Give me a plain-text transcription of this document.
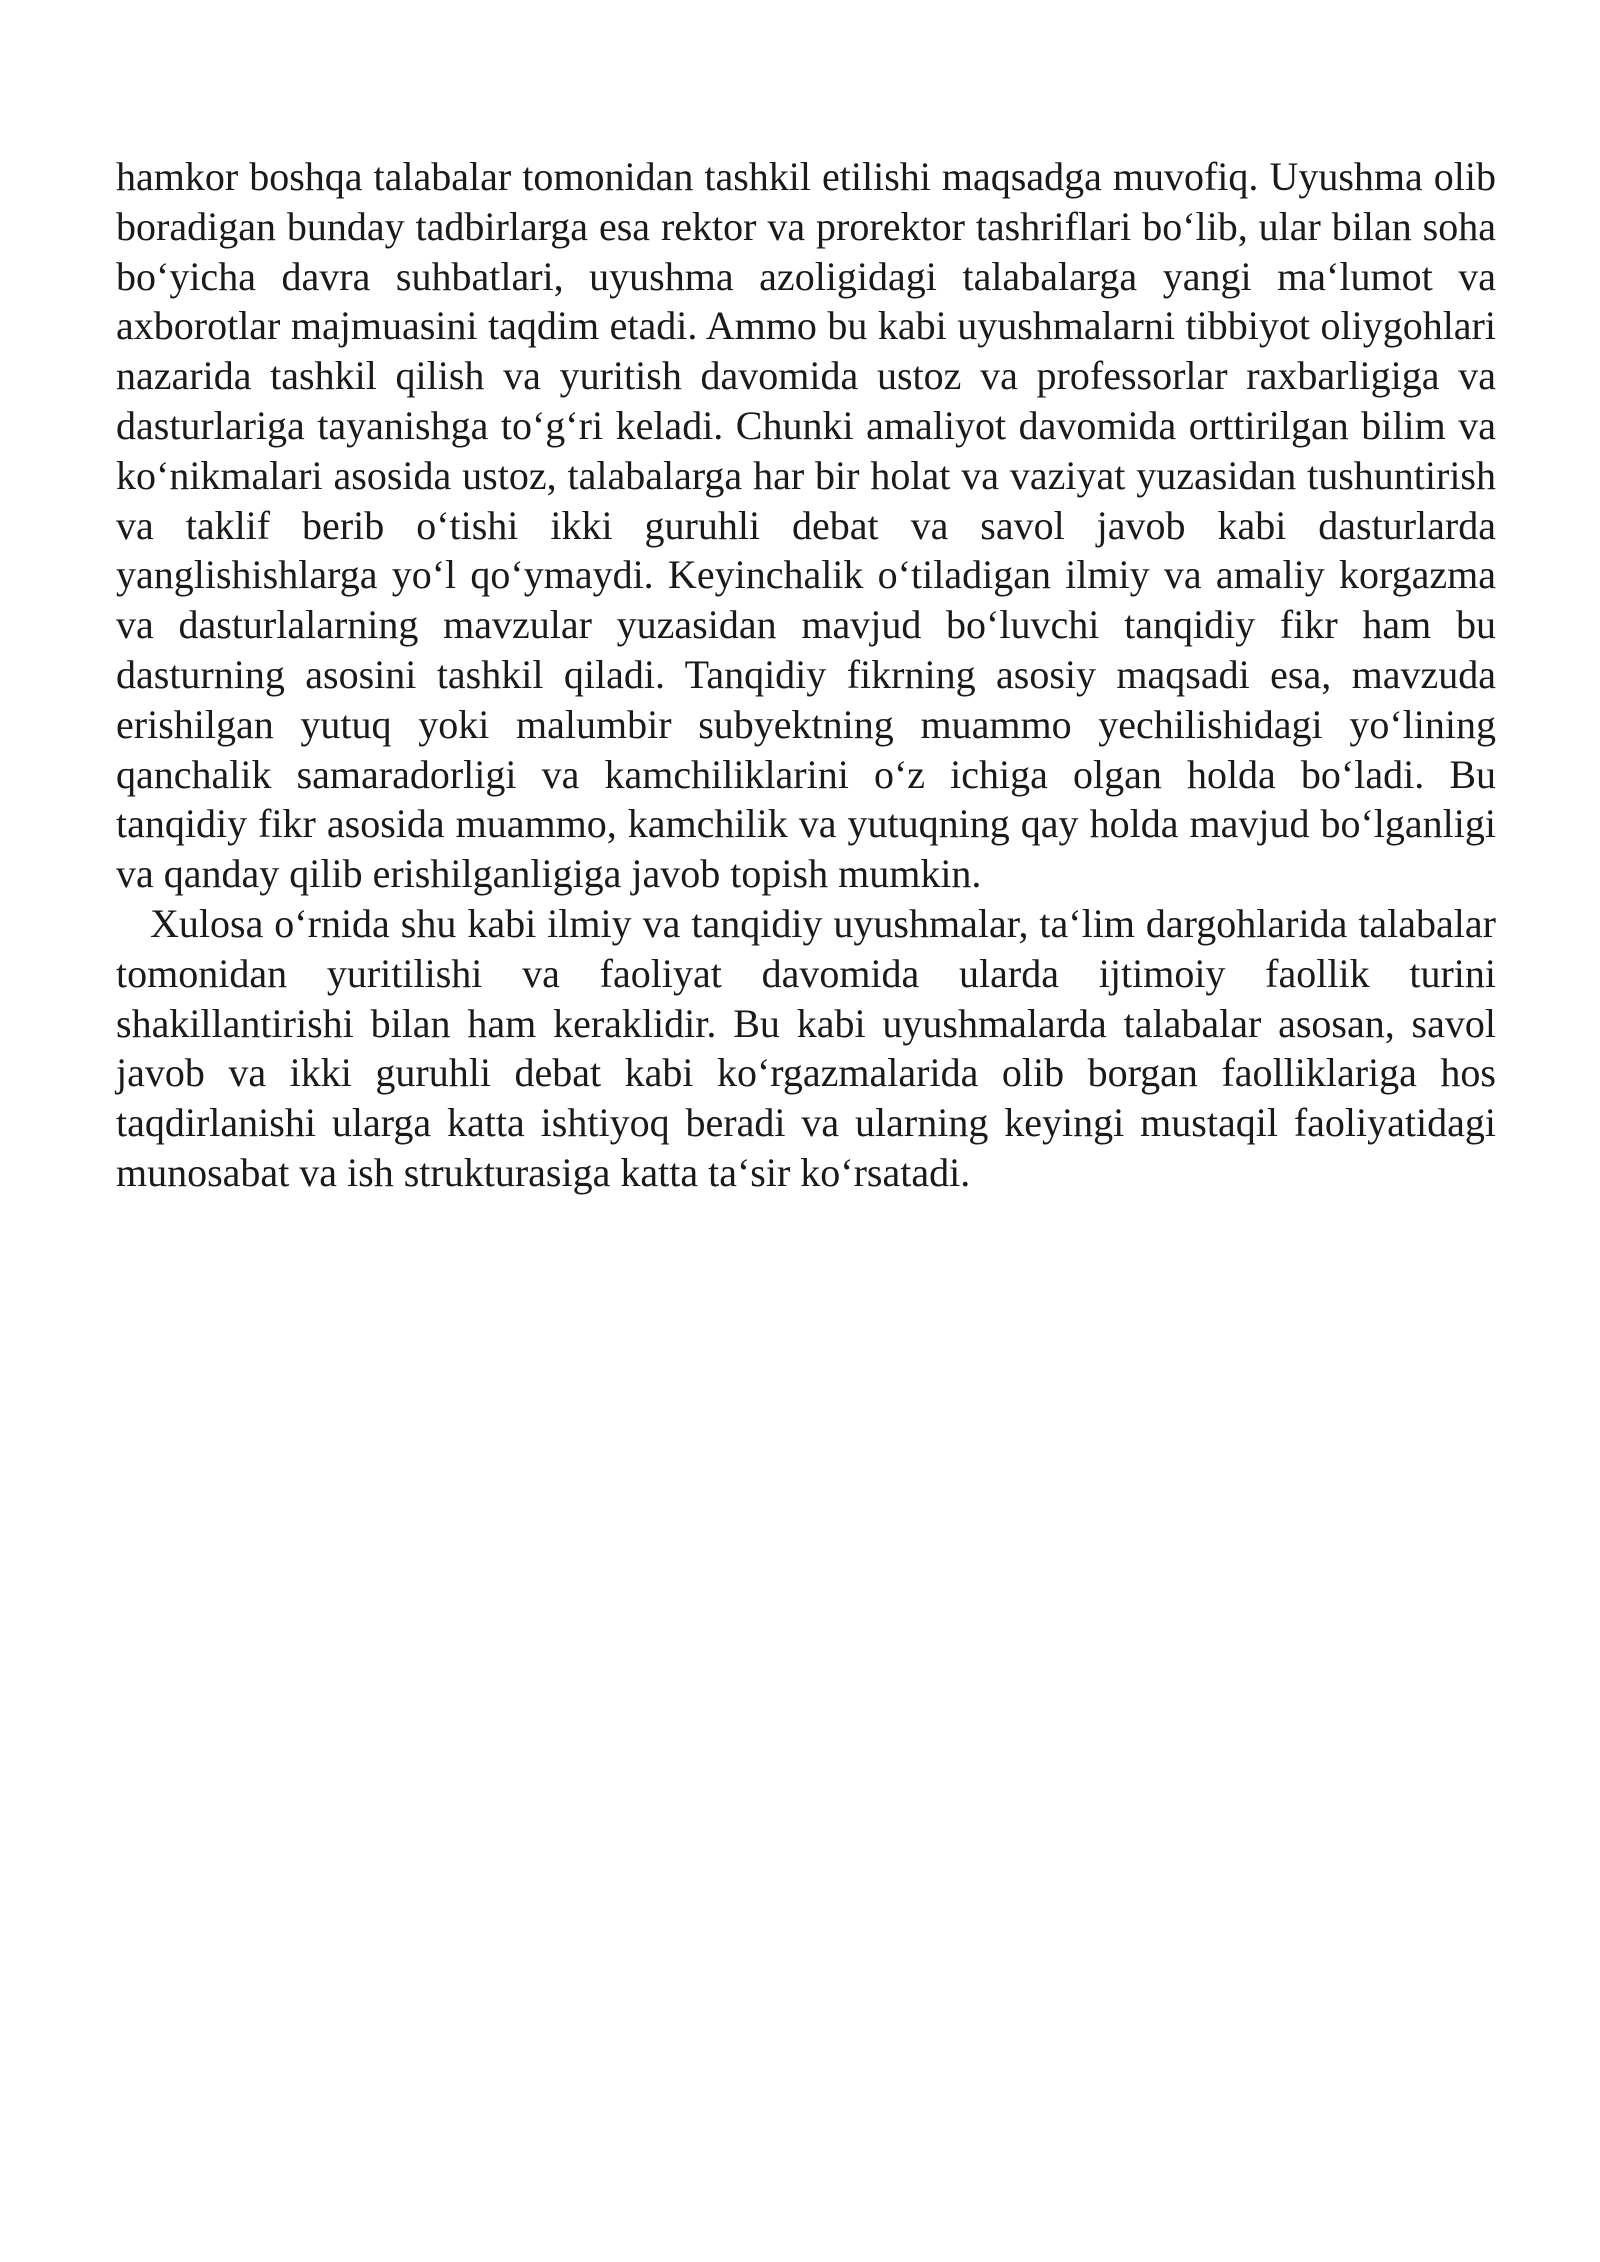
hamkor boshqa talabalar tomonidan tashkil etilishi maqsadga muvofiq. Uyushma olib boradigan bunday tadbirlarga esa rektor va prorektor tashriflari bo‘lib, ular bilan soha bo‘yicha davra suhbatlari, uyushma azoligidagi talabalarga yangi ma‘lumot va axborotlar majmuasini taqdim etadi. Ammo bu kabi uyushmalarni tibbiyot oliygohlari nazarida tashkil qilish va yuritish davomida ustoz va professorlar raxbarligiga va dasturlariga tayanishga to‘g‘ri keladi. Chunki amaliyot davomida orttirilgan bilim va ko‘nikmalari asosida ustoz, talabalarga har bir holat va vaziyat yuzasidan tushuntirish va taklif berib o‘tishi ikki guruhli debat va savol javob kabi dasturlarda yanglishishlarga yo‘l qo‘ymaydi. Keyinchalik o‘tiladigan ilmiy va amaliy korgazma va dasturlalarning mavzular yuzasidan mavjud bo‘luvchi tanqidiy fikr ham bu dasturning asosini tashkil qiladi. Tanqidiy fikrning asosiy maqsadi esa, mavzuda erishilgan yutuq yoki malumbir subyektning muammo yechilishidagi yo‘lining qanchalik samaradorligi va kamchiliklarini o‘z ichiga olgan holda bo‘ladi. Bu tanqidiy fikr asosida muammo, kamchilik va yutuqning qay holda mavjud bo‘lganligi va qanday qilib erishilganligiga javob topish mumkin.

Xulosa o‘rnida shu kabi ilmiy va tanqidiy uyushmalar, ta‘lim dargohlarida talabalar tomonidan yuritilishi va faoliyat davomida ularda ijtimoiy faollik turini shakillantirishi bilan ham keraklidir. Bu kabi uyushmalarda talabalar asosan, savol javob va ikki guruhli debat kabi ko‘rgazmalarida olib borgan faolliklariga hos taqdirlanishi ularga katta ishtiyoq beradi va ularning keyingi mustaqil faoliyatidagi munosabat va ish strukturasiga katta ta‘sir ko‘rsatadi.
